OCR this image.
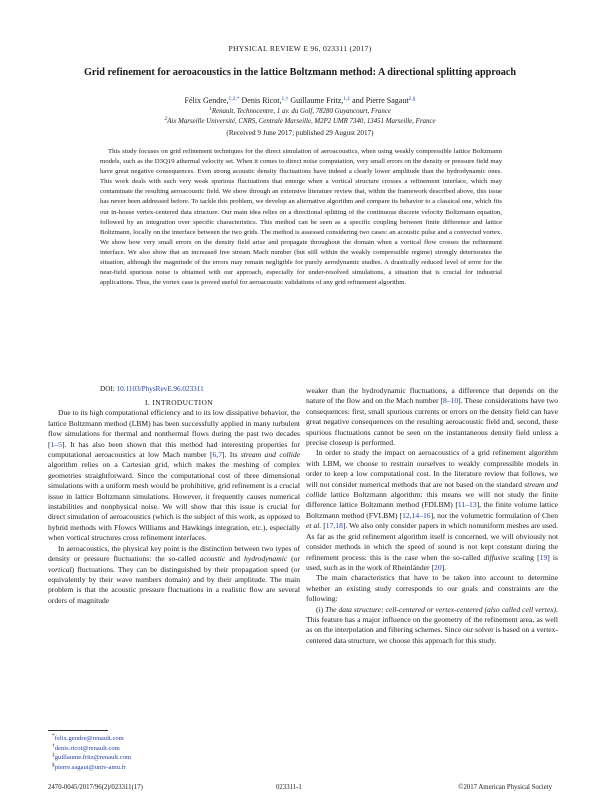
PHYSICAL REVIEW E 96, 023311 (2017)
Grid refinement for aeroacoustics in the lattice Boltzmann method: A directional splitting approach
Félix Gendre,$^{1,2,*}$ Denis Ricot,$^{1,\dagger}$ Guillaume Fritz,$^{1,\ddagger}$ and Pierre Sagaut$^{2,\S}$
$^1$Renault, Technocentre, 1 av. du Golf, 78280 Guyancourt, France
$^2$Aix Marseille Université, CNRS, Centrale Marseille, M2P2 UMR 7340, 13451 Marseille, France
(Received 9 June 2017; published 29 August 2017)
This study focuses on grid refinement techniques for the direct simulation of aeroacoustics, when using weakly compressible lattice Boltzmann models, such as the D3Q19 athermal velocity set. When it comes to direct noise computation, very small errors on the density or pressure field may have great negative consequences. Even strong acoustic density fluctuations have indeed a clearly lower amplitude than the hydrodynamic ones. This work deals with such very weak spurious fluctuations that emerge when a vortical structure crosses a refinement interface, which may contaminate the resulting aeroacoustic field. We show through an extensive literature review that, within the framework described above, this issue has never been addressed before. To tackle this problem, we develop an alternative algorithm and compare its behavior to a classical one, which fits our in-house vertex-centered data structure. Our main idea relies on a directional splitting of the continuous discrete velocity Boltzmann equation, followed by an integration over specific characteristics. This method can be seen as a specific coupling between finite difference and lattice Boltzmann, locally on the interface between the two grids. The method is assessed considering two cases: an acoustic pulse and a convected vortex. We show how very small errors on the density field arise and propagate throughout the domain when a vortical flow crosses the refinement interface. We also show that an increased free stream Mach number (but still within the weakly compressible regime) strongly deteriorates the situation, although the magnitude of the errors may remain negligible for purely aerodynamic studies. A drastically reduced level of error for the near-field spurious noise is obtained with our approach, especially for under-resolved simulations, a situation that is crucial for industrial applications. Thus, the vortex case is proved useful for aeroacoustic validations of any grid refinement algorithm.
DOI: 10.1103/PhysRevE.96.023311

I. INTRODUCTION

Due to its high computational efficiency and to its low dissipative behavior, the lattice Boltzmann method (LBM) has been successfully applied in many turbulent flow simulations for thermal and nonthermal flows during the past two decades [1–5]. It has also been shown that this method had interesting properties for computational aeroacoustics at low Mach number [6,7]. Its stream and collide algorithm relies on a Cartesian grid, which makes the meshing of complex geometries straightforward. Since the computational cost of three dimensional simulations with a uniform mesh would be prohibitive, grid refinement is a crucial issue in lattice Boltzmann simulations. However, it frequently causes numerical instabilities and nonphysical noise. We will show that this issue is crucial for direct simulation of aeroacoustics (which is the subject of this work, as opposed to hybrid methods with Ffowcs Williams and Hawkings integration, etc.), especially when vortical structures cross refinement interfaces.

In aeroacoustics, the physical key point is the distinction between two types of density or pressure fluctuations: the so-called acoustic and hydrodynamic (or vortical) fluctuations. They can be distinguished by their propagation speed (or equivalently by their wave numbers domain) and by their amplitude. The main problem is that the acoustic pressure fluctuations in a realistic flow are several orders of magnitude

weaker than the hydrodynamic fluctuations, a difference that depends on the nature of the flow and on the Mach number [8–10]. These considerations have two consequences: first, small spurious currents or errors on the density field can have great negative consequences on the resulting aeroacoustic field and, second, these spurious fluctuations cannot be seen on the instantaneous density field unless a precise closeup is performed.

In order to study the impact on aeroacoustics of a grid refinement algorithm with LBM, we choose to restrain ourselves to weakly compressible models in order to keep a low computational cost. In the literature review that follows, we will not consider numerical methods that are not based on the standard stream and collide lattice Boltzmann algorithm: this means we will not study the finite difference lattice Boltzmann method (FDLBM) [11–13], the finite volume lattice Boltzmann method (FVLBM) [12,14–16], nor the volumetric formulation of Chen et al. [17,18]. We also only consider papers in which nonuniform meshes are used. As far as the grid refinement algorithm itself is concerned, we will obviously not consider methods in which the speed of sound is not kept constant during the refinement process: this is the case when the so-called diffusive scaling [19] is used, such as in the work of Rheinländer [20].

The main characteristics that have to be taken into account to determine whether an existing study corresponds to our goals and constraints are the following:

(i) The data structure: cell-centered or vertex-centered (also called cell vertex). This feature has a major influence on the geometry of the refinement area, as well as on the interpolation and filtering schemes. Since our solver is based on a vertex-centered data structure, we choose this approach for this study.

*felix.gendre@renault.com
†denis.ricot@renault.com
‡guillaume.fritz@renault.com
§pierre.sagaut@univ-amu.fr
2470-0045/2017/96(2)/023311(17)	023311-1	©2017 American Physical Society
